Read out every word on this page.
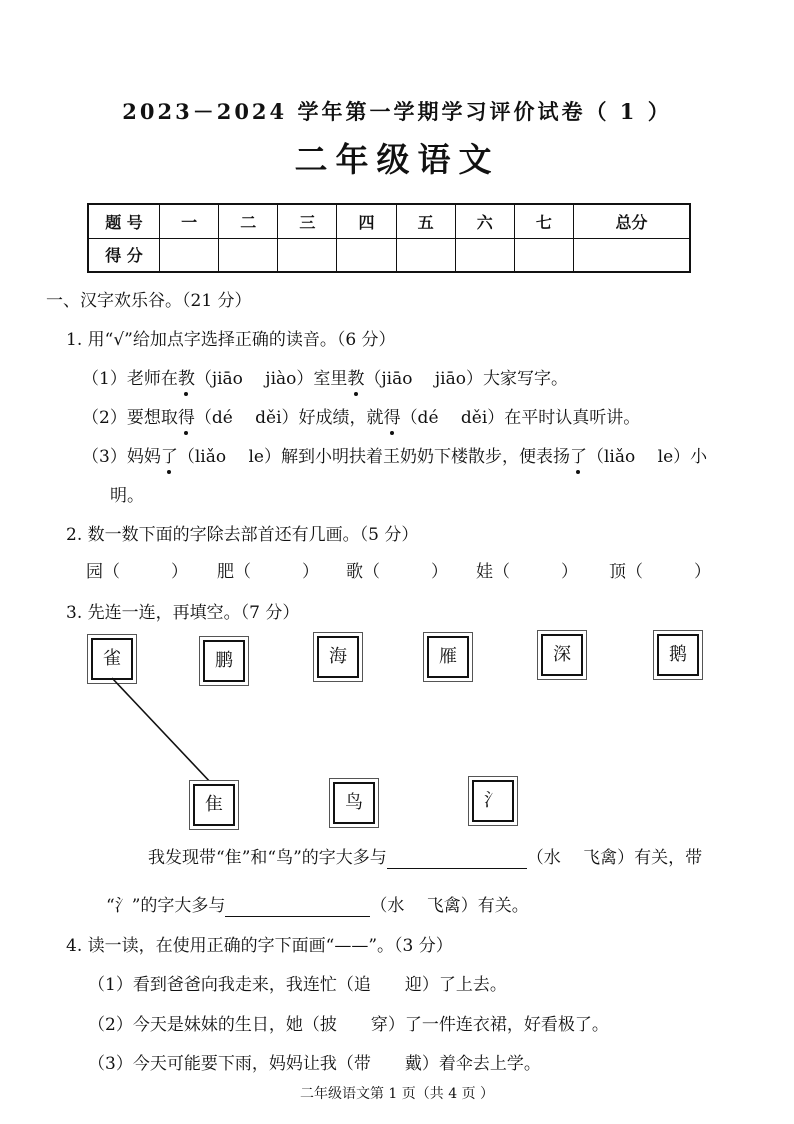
2023－2024 学年第一学期学习评价试卷（ 1 ）
二年级语文
题 号	一	二	三	四	五	六	七	总分
得 分								
一、汉字欢乐谷。（21 分）
1. 用“√”给加点字选择正确的读音。（6 分）
（1）老师在教（jiāo　 jiào）室里教（jiāo　 jiāo）大家写字。
（2）要想取得（dé　 děi）好成绩，就得（dé　 děi）在平时认真听讲。
（3）妈妈了（liǎo　 le）解到小明扶着王奶奶下楼散步，便表扬了（liǎo　 le）小
明。
2. 数一数下面的字除去部首还有几画。（5 分）
园（　　　） 肥（　　　） 歌（　　　） 娃（　　　） 顶（　　　）
3. 先连一连，再填空。（7 分）
雀	鹏	海	雁	深	鹅
隹	鸟	氵
我发现带“隹”和“鸟”的字大多与	（水　 飞禽）有关，带
“氵”的字大多与	（水　 飞禽）有关。
4. 读一读，在使用正确的字下面画“——”。（3 分）
（1）看到爸爸向我走来，我连忙（追　　迎）了上去。
（2）今天是妹妹的生日，她（披　　穿）了一件连衣裙，好看极了。
（3）今天可能要下雨，妈妈让我（带　　戴）着伞去上学。
二年级语文第 1 页（共 4 页 ）
